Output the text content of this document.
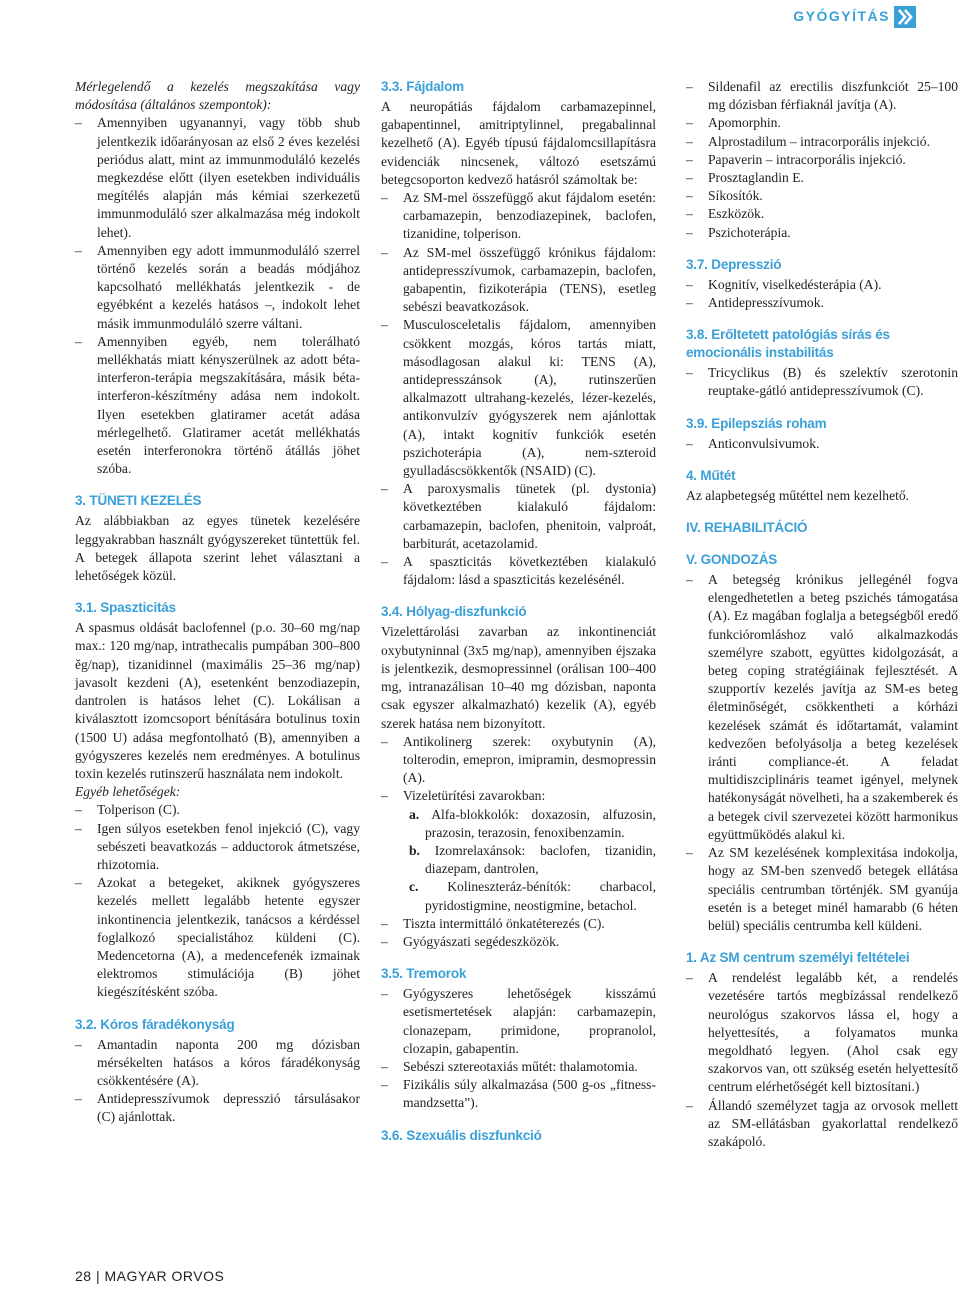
GYÓGYÍTÁS

Mérlegelendő a kezelés megszakítása vagy módosítása (általános szempontok):

– Amennyiben ugyanannyi, vagy több shub jelentkezik időarányosan az első 2 éves kezelési periódus alatt, mint az immunmoduláló kezelés megkezdése előtt (ilyen esetekben individuális megítélés alapján más kémiai szerkezetű immunmoduláló szer alkalmazása még indokolt lehet).

– Amennyiben egy adott immunmoduláló szerrel történő kezelés során a beadás módjához kapcsolható mellékhatás jelentkezik - de egyébként a kezelés hatásos –, indokolt lehet másik immunmoduláló szerre váltani.

– Amennyiben egyéb, nem tolerálható mellékhatás miatt kényszerülnek az adott béta-interferon-terápia megszakítására, másik béta-interferon-készítmény adása nem indokolt. Ilyen esetekben glatiramer acetát adása mérlegelhető. Glatiramer acetát mellékhatás esetén interferonokra történő átállás jöhet szóba.

3. TÜNETI KEZELÉS

Az alábbiakban az egyes tünetek kezelésére leggyakrabban használt gyógyszereket tüntettük fel. A betegek állapota szerint lehet választani a lehetőségek közül.

3.1. Spaszticitás

A spasmus oldását baclofennel (p.o. 30–60 mg/nap max.: 120 mg/nap, intrathecalis pumpában 300–800 ěg/nap), tizanidinnel (maximális 25–36 mg/nap) javasolt kezdeni (A), esetenként benzodiazepin, dantrolen is hatásos lehet (C). Lokálisan a kiválasztott izomcsoport bénítására botulinus toxin (1500 U) adása megfontolható (B), amennyiben a gyógyszeres kezelés nem eredményes. A botulinus toxin kezelés rutinszerű használata nem indokolt.

Egyéb lehetőségek:

– Tolperison (C).

– Igen súlyos esetekben fenol injekció (C), vagy sebészeti beavatkozás – adductorok átmetszése, rhizotomia.

– Azokat a betegeket, akiknek gyógyszeres kezelés mellett legalább hetente egyszer inkontinencia jelentkezik, tanácsos a kérdéssel foglalkozó specialistához küldeni (C). Medencetorna (A), a medencefenék izmainak elektromos stimulációja (B) jöhet kiegészítésként szóba.

3.2. Kóros fáradékonyság

– Amantadin naponta 200 mg dózisban mérsékelten hatásos a kóros fáradékonyság csökkentésére (A).

– Antidepresszívumok depresszió társulásakor (C) ajánlottak.

3.3. Fájdalom

A neuropátiás fájdalom carbamazepinnel, gabapentinnel, amitriptylinnel, pregabalinnal kezelhető (A). Egyéb típusú fájdalomcsillapításra evidenciák nincsenek, változó esetszámú betegcsoporton kedvező hatásról számoltak be:

– Az SM-mel összefüggő akut fájdalom esetén: carbamazepin, benzodiazepinek, baclofen, tizanidine, tolperison.

– Az SM-mel összefüggő krónikus fájdalom: antidepresszívumok, carbamazepin, baclofen, gabapentin, fizikoterápia (TENS), esetleg sebészi beavatkozások.

– Musculosceletalis fájdalom, amennyiben csökkent mozgás, kóros tartás miatt, másodlagosan alakul ki: TENS (A), antidepresszánsok (A), rutinszerűen alkalmazott ultrahang-kezelés, lézer-kezelés, antikonvulzív gyógyszerek nem ajánlottak (A), intakt kognitív funkciók esetén pszichoterápia (A), nem-szteroid gyulladáscsökkentők (NSAID) (C).

– A paroxysmalis tünetek (pl. dystonia) következtében kialakuló fájdalom: carbamazepin, baclofen, phenitoin, valproát, barbiturát, acetazolamid.

– A spaszticitás következtében kialakuló fájdalom: lásd a spaszticitás kezelésénél.

3.4. Hólyag-diszfunkció

Vizelettárolási zavarban az inkontinenciát oxybutyninnal (3x5 mg/nap), amennyiben éjszaka is jelentkezik, desmopressinnel (orálisan 100–400 mg, intranazálisan 10–40 mg dózisban, naponta csak egyszer alkalmazható) kezelik (A), egyéb szerek hatása nem bizonyított.

– Antikolinerg szerek: oxybutynin (A), tolterodin, emepron, imipramin, desmopressin (A).

– Vizeletürítési zavarokban:

a. Alfa-blokkolók: doxazosin, alfuzosin, prazosin, terazosin, fenoxibenzamin.

b. Izomrelaxánsok: baclofen, tizanidin, diazepam, dantrolen,

c. Kolineszteráz-bénítók: charbacol, pyridostigmine, neostigmine, betachol.

– Tiszta intermittáló önkatéterezés (C).

– Gyógyászati segédeszközök.

3.5. Tremorok

– Gyógyszeres lehetőségek kisszámú esetismertetések alapján: carbamazepin, clonazepam, primidone, propranolol, clozapin, gabapentin.

– Sebészi sztereotaxiás műtét: thalamotomia.

– Fizikális súly alkalmazása (500 g-os „fitness-mandzsetta”).

3.6. Szexuális diszfunkció

– Sildenafil az erectilis diszfunkciót 25–100 mg dózisban férfiaknál javítja (A).

– Apomorphin.

– Alprostadilum – intracorporális injekció.

– Papaverin – intracorporális injekció.

– Prosztaglandin E.

– Síkosítók.

– Eszközök.

– Pszichoterápia.

3.7. Depresszió

– Kognitív, viselkedésterápia (A).

– Antidepresszívumok.

3.8. Erőltetett patológiás sírás és emocionális instabilitás

– Tricyclikus (B) és szelektív szerotonin reuptake-gátló antidepresszívumok (C).

3.9. Epilepsziás roham

– Anticonvulsivumok.

4. Műtét

Az alapbetegség műtéttel nem kezelhető.

IV. REHABILITÁCIÓ
V. GONDOZÁS

– A betegség krónikus jellegénél fogva elengedhetetlen a beteg pszichés támogatása (A). Ez magában foglalja a betegségből eredő funkcióromláshoz való alkalmazkodás személyre szabott, együttes kidolgozását, a beteg coping stratégiáinak fejlesztését. A szupportív kezelés javítja az SM-es beteg életminőségét, csökkentheti a kórházi kezelések számát és időtartamát, valamint kedvezően befolyásolja a beteg kezelések iránti compliance-ét. A feladat multidiszciplináris teamet igényel, melynek hatékonyságát növelheti, ha a szakemberek és a betegek civil szervezetei között harmonikus együttműködés alakul ki.

– Az SM kezelésének komplexitása indokolja, hogy az SM-ben szenvedő betegek ellátása speciális centrumban történjék. SM gyanúja esetén is a beteget minél hamarabb (6 héten belül) speciális centrumba kell küldeni.

1. Az SM centrum személyi feltételei

– A rendelést legalább két, a rendelés vezetésére tartós megbízással rendelkező neurológus szakorvos lássa el, hogy a helyettesítés, a folyamatos munka megoldható legyen. (Ahol csak egy szakorvos van, ott szükség esetén helyettesítő centrum elérhetőségét kell biztosítani.)

– Állandó személyzet tagja az orvosok mellett az SM-ellátásban gyakorlattal rendelkező szakápoló.

28 | MAGYAR ORVOS
